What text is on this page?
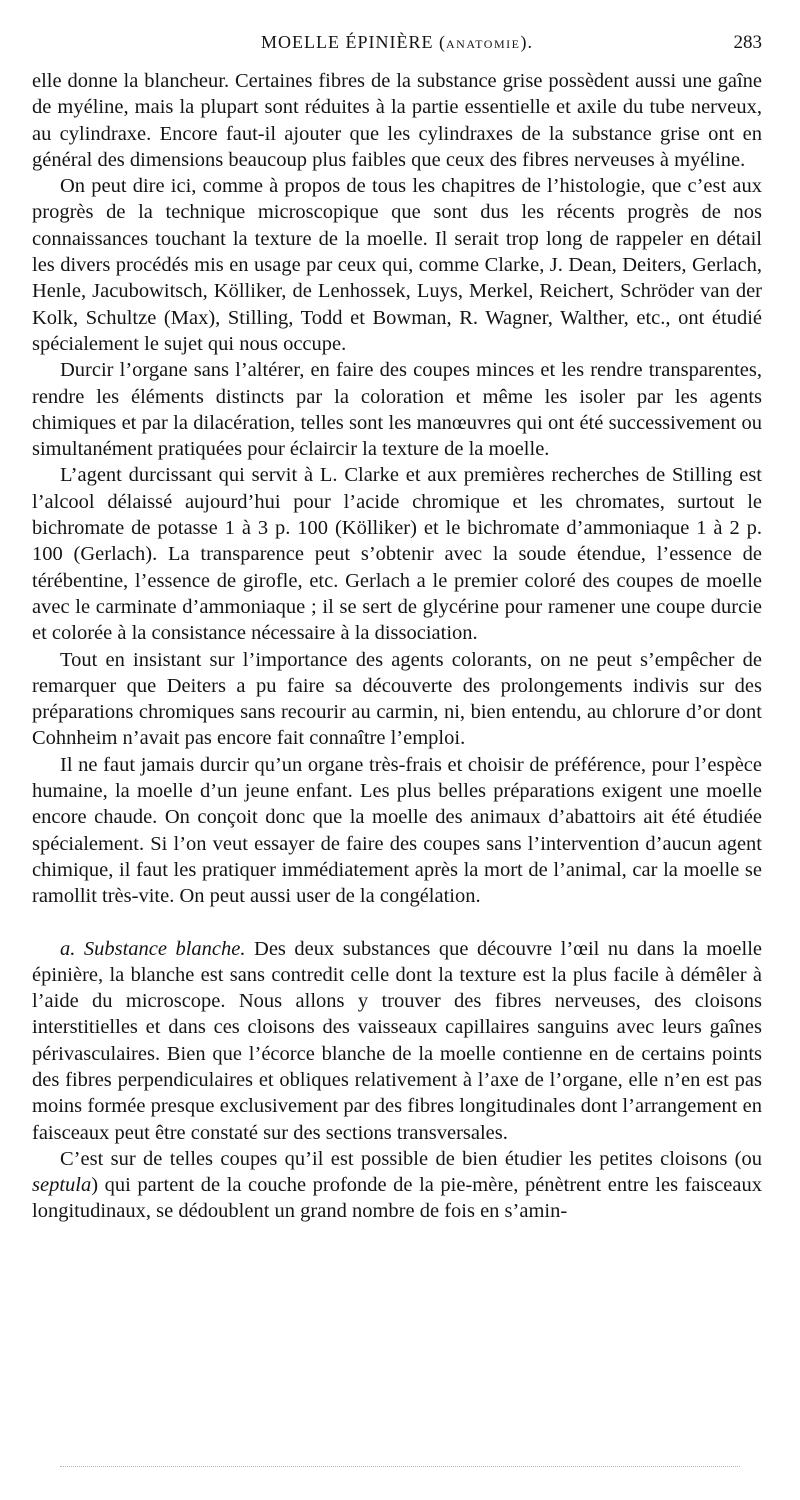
MOELLE ÉPINIÈRE (ANATOMIE).	283

elle donne la blancheur. Certaines fibres de la substance grise possèdent aussi une gaîne de myéline, mais la plupart sont réduites à la partie essentielle et axile du tube nerveux, au cylindraxe. Encore faut-il ajouter que les cylindraxes de la substance grise ont en général des dimensions beaucoup plus faibles que ceux des fibres nerveuses à myéline.

On peut dire ici, comme à propos de tous les chapitres de l’histologie, que c’est aux progrès de la technique microscopique que sont dus les récents progrès de nos connaissances touchant la texture de la moelle. Il serait trop long de rappeler en détail les divers procédés mis en usage par ceux qui, comme Clarke, J. Dean, Deiters, Gerlach, Henle, Jacubowitsch, Kölliker, de Lenhossek, Luys, Merkel, Reichert, Schröder van der Kolk, Schultze (Max), Stilling, Todd et Bowman, R. Wagner, Walther, etc., ont étudié spécialement le sujet qui nous occupe.

Durcir l’organe sans l’altérer, en faire des coupes minces et les rendre transparentes, rendre les éléments distincts par la coloration et même les isoler par les agents chimiques et par la dilacération, telles sont les manœuvres qui ont été successivement ou simultanément pratiquées pour éclaircir la texture de la moelle.

L’agent durcissant qui servit à L. Clarke et aux premières recherches de Stilling est l’alcool délaissé aujourd’hui pour l’acide chromique et les chromates, surtout le bichromate de potasse 1 à 3 p. 100 (Kölliker) et le bichromate d’ammoniaque 1 à 2 p. 100 (Gerlach). La transparence peut s’obtenir avec la soude étendue, l’essence de térébentine, l’essence de girofle, etc. Gerlach a le premier coloré des coupes de moelle avec le carminate d’ammoniaque ; il se sert de glycérine pour ramener une coupe durcie et colorée à la consistance nécessaire à la dissociation.

Tout en insistant sur l’importance des agents colorants, on ne peut s’empêcher de remarquer que Deiters a pu faire sa découverte des prolongements indivis sur des préparations chromiques sans recourir au carmin, ni, bien entendu, au chlorure d’or dont Cohnheim n’avait pas encore fait connaître l’emploi.

Il ne faut jamais durcir qu’un organe très-frais et choisir de préférence, pour l’espèce humaine, la moelle d’un jeune enfant. Les plus belles préparations exigent une moelle encore chaude. On conçoit donc que la moelle des animaux d’abattoirs ait été étudiée spécialement. Si l’on veut essayer de faire des coupes sans l’intervention d’aucun agent chimique, il faut les pratiquer immédiatement après la mort de l’animal, car la moelle se ramollit très-vite. On peut aussi user de la congélation.

a. Substance blanche. Des deux substances que découvre l’œil nu dans la moelle épinière, la blanche est sans contredit celle dont la texture est la plus facile à démêler à l’aide du microscope. Nous allons y trouver des fibres nerveuses, des cloisons interstitielles et dans ces cloisons des vaisseaux capillaires sanguins avec leurs gaînes périvasculaires. Bien que l’écorce blanche de la moelle contienne en de certains points des fibres perpendiculaires et obliques relativement à l’axe de l’organe, elle n’en est pas moins formée presque exclusivement par des fibres longitudinales dont l’arrangement en faisceaux peut être constaté sur des sections transversales.

C’est sur de telles coupes qu’il est possible de bien étudier les petites cloisons (ou septula) qui partent de la couche profonde de la pie-mère, pénètrent entre les faisceaux longitudinaux, se dédoublent un grand nombre de fois en s’amin-
